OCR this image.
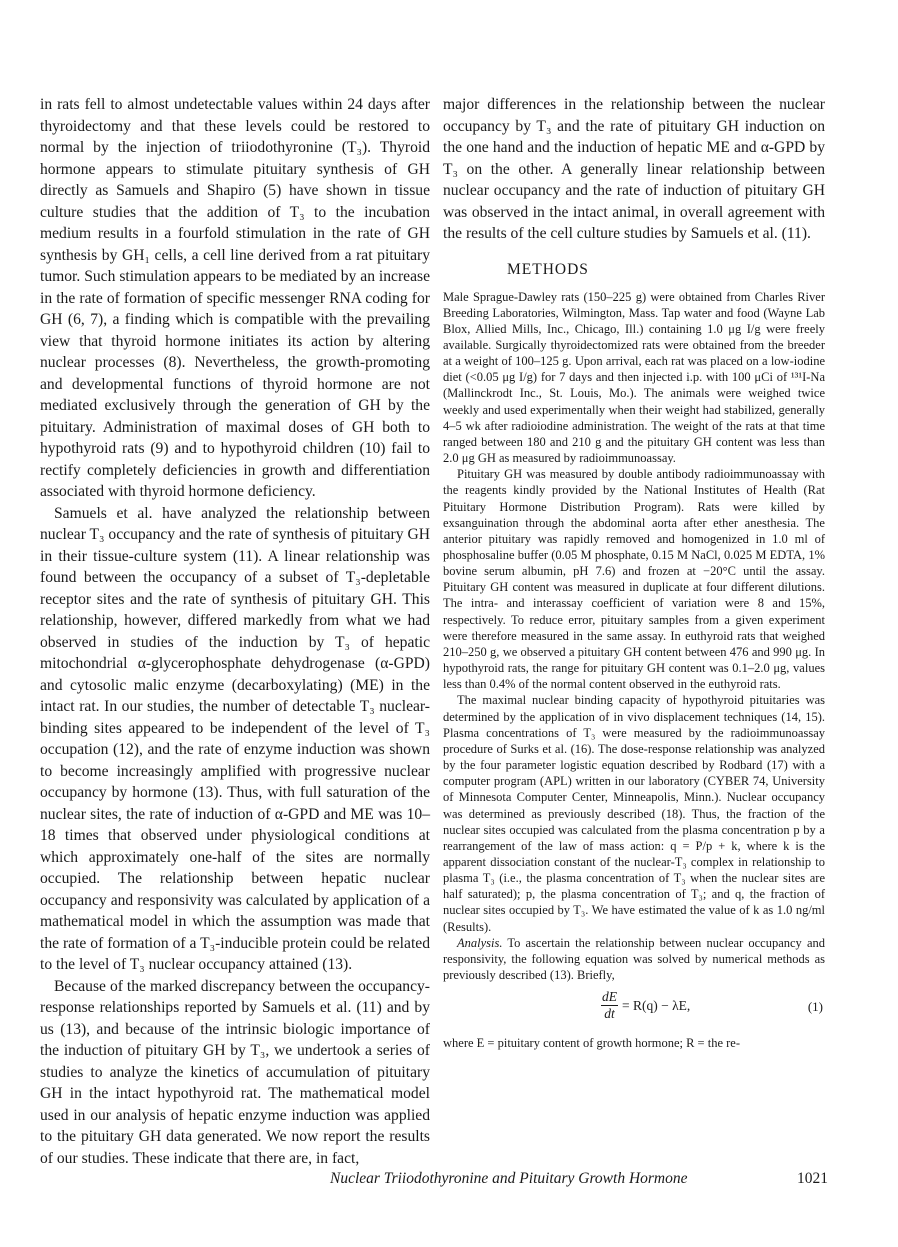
in rats fell to almost undetectable values within 24 days after thyroidectomy and that these levels could be restored to normal by the injection of triiodothyronine (T₃). Thyroid hormone appears to stimulate pituitary synthesis of GH directly as Samuels and Shapiro (5) have shown in tissue culture studies that the addition of T₃ to the incubation medium results in a fourfold stimulation in the rate of GH synthesis by GH₁ cells, a cell line derived from a rat pituitary tumor. Such stimulation appears to be mediated by an increase in the rate of formation of specific messenger RNA coding for GH (6, 7), a finding which is compatible with the prevailing view that thyroid hormone initiates its action by altering nuclear processes (8). Nevertheless, the growth-promoting and developmental functions of thyroid hormone are not mediated exclusively through the generation of GH by the pituitary. Administration of maximal doses of GH both to hypothyroid rats (9) and to hypothyroid children (10) fail to rectify completely deficiencies in growth and differentiation associated with thyroid hormone deficiency.

Samuels et al. have analyzed the relationship between nuclear T₃ occupancy and the rate of synthesis of pituitary GH in their tissue-culture system (11). A linear relationship was found between the occupancy of a subset of T₃-depletable receptor sites and the rate of synthesis of pituitary GH. This relationship, however, differed markedly from what we had observed in studies of the induction by T₃ of hepatic mitochondrial α-glycerophosphate dehydrogenase (α-GPD) and cytosolic malic enzyme (decarboxylating) (ME) in the intact rat. In our studies, the number of detectable T₃ nuclear-binding sites appeared to be independent of the level of T₃ occupation (12), and the rate of enzyme induction was shown to become increasingly amplified with progressive nuclear occupancy by hormone (13). Thus, with full saturation of the nuclear sites, the rate of induction of α-GPD and ME was 10–18 times that observed under physiological conditions at which approximately one-half of the sites are normally occupied. The relationship between hepatic nuclear occupancy and responsivity was calculated by application of a mathematical model in which the assumption was made that the rate of formation of a T₃-inducible protein could be related to the level of T₃ nuclear occupancy attained (13).

Because of the marked discrepancy between the occupancy-response relationships reported by Samuels et al. (11) and by us (13), and because of the intrinsic biologic importance of the induction of pituitary GH by T₃, we undertook a series of studies to analyze the kinetics of accumulation of pituitary GH in the intact hypothyroid rat. The mathematical model used in our analysis of hepatic enzyme induction was applied to the pituitary GH data generated. We now report the results of our studies. These indicate that there are, in fact,

major differences in the relationship between the nuclear occupancy by T₃ and the rate of pituitary GH induction on the one hand and the induction of hepatic ME and α-GPD by T₃ on the other. A generally linear relationship between nuclear occupancy and the rate of induction of pituitary GH was observed in the intact animal, in overall agreement with the results of the cell culture studies by Samuels et al. (11).

METHODS

Male Sprague-Dawley rats (150–225 g) were obtained from Charles River Breeding Laboratories, Wilmington, Mass. Tap water and food (Wayne Lab Blox, Allied Mills, Inc., Chicago, Ill.) containing 1.0 μg I/g were freely available. Surgically thyroidectomized rats were obtained from the breeder at a weight of 100–125 g. Upon arrival, each rat was placed on a low-iodine diet (<0.05 μg I/g) for 7 days and then injected i.p. with 100 μCi of ¹³¹I-Na (Mallinckrodt Inc., St. Louis, Mo.). The animals were weighed twice weekly and used experimentally when their weight had stabilized, generally 4–5 wk after radioiodine administration. The weight of the rats at that time ranged between 180 and 210 g and the pituitary GH content was less than 2.0 μg GH as measured by radioimmunoassay.

Pituitary GH was measured by double antibody radioimmunoassay with the reagents kindly provided by the National Institutes of Health (Rat Pituitary Hormone Distribution Program). Rats were killed by exsanguination through the abdominal aorta after ether anesthesia. The anterior pituitary was rapidly removed and homogenized in 1.0 ml of phosphosaline buffer (0.05 M phosphate, 0.15 M NaCl, 0.025 M EDTA, 1% bovine serum albumin, pH 7.6) and frozen at −20°C until the assay. Pituitary GH content was measured in duplicate at four different dilutions. The intra- and interassay coefficient of variation were 8 and 15%, respectively. To reduce error, pituitary samples from a given experiment were therefore measured in the same assay. In euthyroid rats that weighed 210–250 g, we observed a pituitary GH content between 476 and 990 μg. In hypothyroid rats, the range for pituitary GH content was 0.1–2.0 μg, values less than 0.4% of the normal content observed in the euthyroid rats.

The maximal nuclear binding capacity of hypothyroid pituitaries was determined by the application of in vivo displacement techniques (14, 15). Plasma concentrations of T₃ were measured by the radioimmunoassay procedure of Surks et al. (16). The dose-response relationship was analyzed by the four parameter logistic equation described by Rodbard (17) with a computer program (APL) written in our laboratory (CYBER 74, University of Minnesota Computer Center, Minneapolis, Minn.). Nuclear occupancy was determined as previously described (18). Thus, the fraction of the nuclear sites occupied was calculated from the plasma concentration p by a rearrangement of the law of mass action: q = P/p + k, where k is the apparent dissociation constant of the nuclear-T₃ complex in relationship to plasma T₃ (i.e., the plasma concentration of T₃ when the nuclear sites are half saturated); p, the plasma concentration of T₃; and q, the fraction of nuclear sites occupied by T₃. We have estimated the value of k as 1.0 ng/ml (Results).

Analysis. To ascertain the relationship between nuclear occupancy and responsivity, the following equation was solved by numerical methods as previously described (13). Briefly,

$\frac{dE}{dt} = R(q) - \lambda E$,	(1)

where E = pituitary content of growth hormone; R = the re-

Nuclear Triiodothyronine and Pituitary Growth Hormone	1021
